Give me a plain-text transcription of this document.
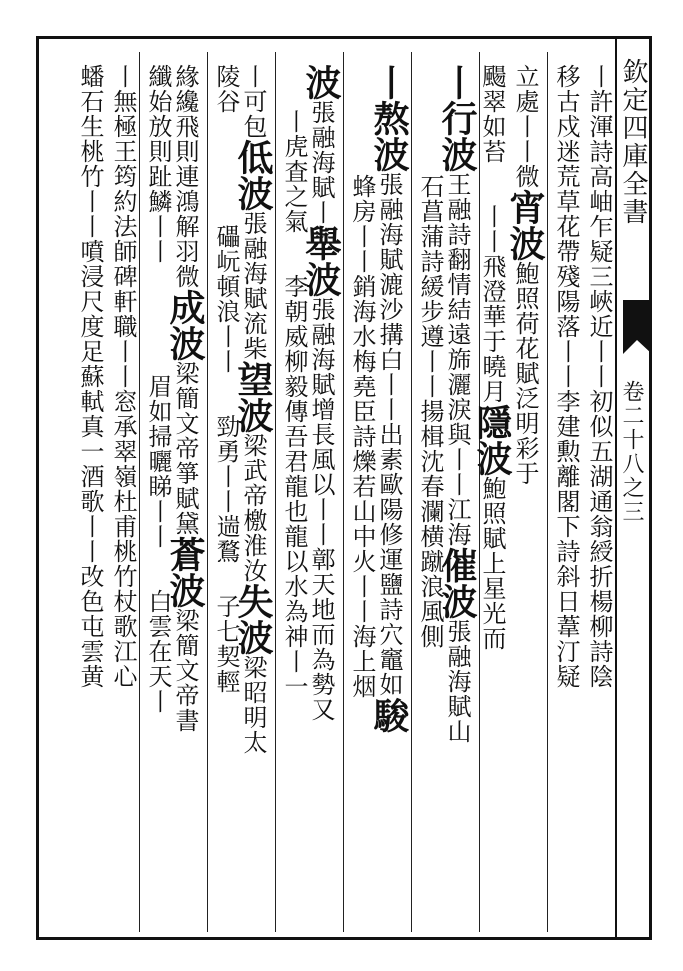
欽定四庫全書
卷二十八之三
丨許渾詩高岫乍疑三峽近丨丨初似五湖通翁綬折楊柳詩陰
移古戍迷荒草花帶殘陽落丨丨李建勲離閣下詩斜日葦汀疑
立處丨丨微宵波鮑照荷花賦泛明彩于
颺翠如苔丨丨飛澄華于曉月隱波鮑照賦上星光而
丨行波王融詩翻情結遠旆灑淚與丨丨江海催波張融海賦山
石菖蒲詩緩步遵丨丨揚楫沈春瀾横蹴浪風側
丨熬波張融海賦漉沙搆白丨丨出素歐陽修運鹽詩穴竈如駿
蜂房丨丨銷海水梅堯臣詩爍若山中火丨丨海上烟
波張融海賦丨舉波張融海賦增長風以丨丨鄣天地而為勢又
丨虎査之氣李朝威柳毅傳吾君龍也龍以水為神丨一
丨可包低波張融海賦流柴望波梁武帝檄淮汝失波梁昭明太
陵谷礧岏頓浪丨丨勁勇丨丨遄鶩子七契輕
緣纔飛則連鴻解羽微成波梁簡文帝箏賦黛蒼波梁簡文帝書
纖始放則趾鱗丨丨眉如掃曬睇丨丨白雲在天丨
丨無極王筠約法師碑軒職丨丨窓承翠嶺杜甫桃竹杖歌江心
蟠石生桃竹丨丨噴浸尺度足蘇軾真一酒歌丨丨改色屯雲黄
